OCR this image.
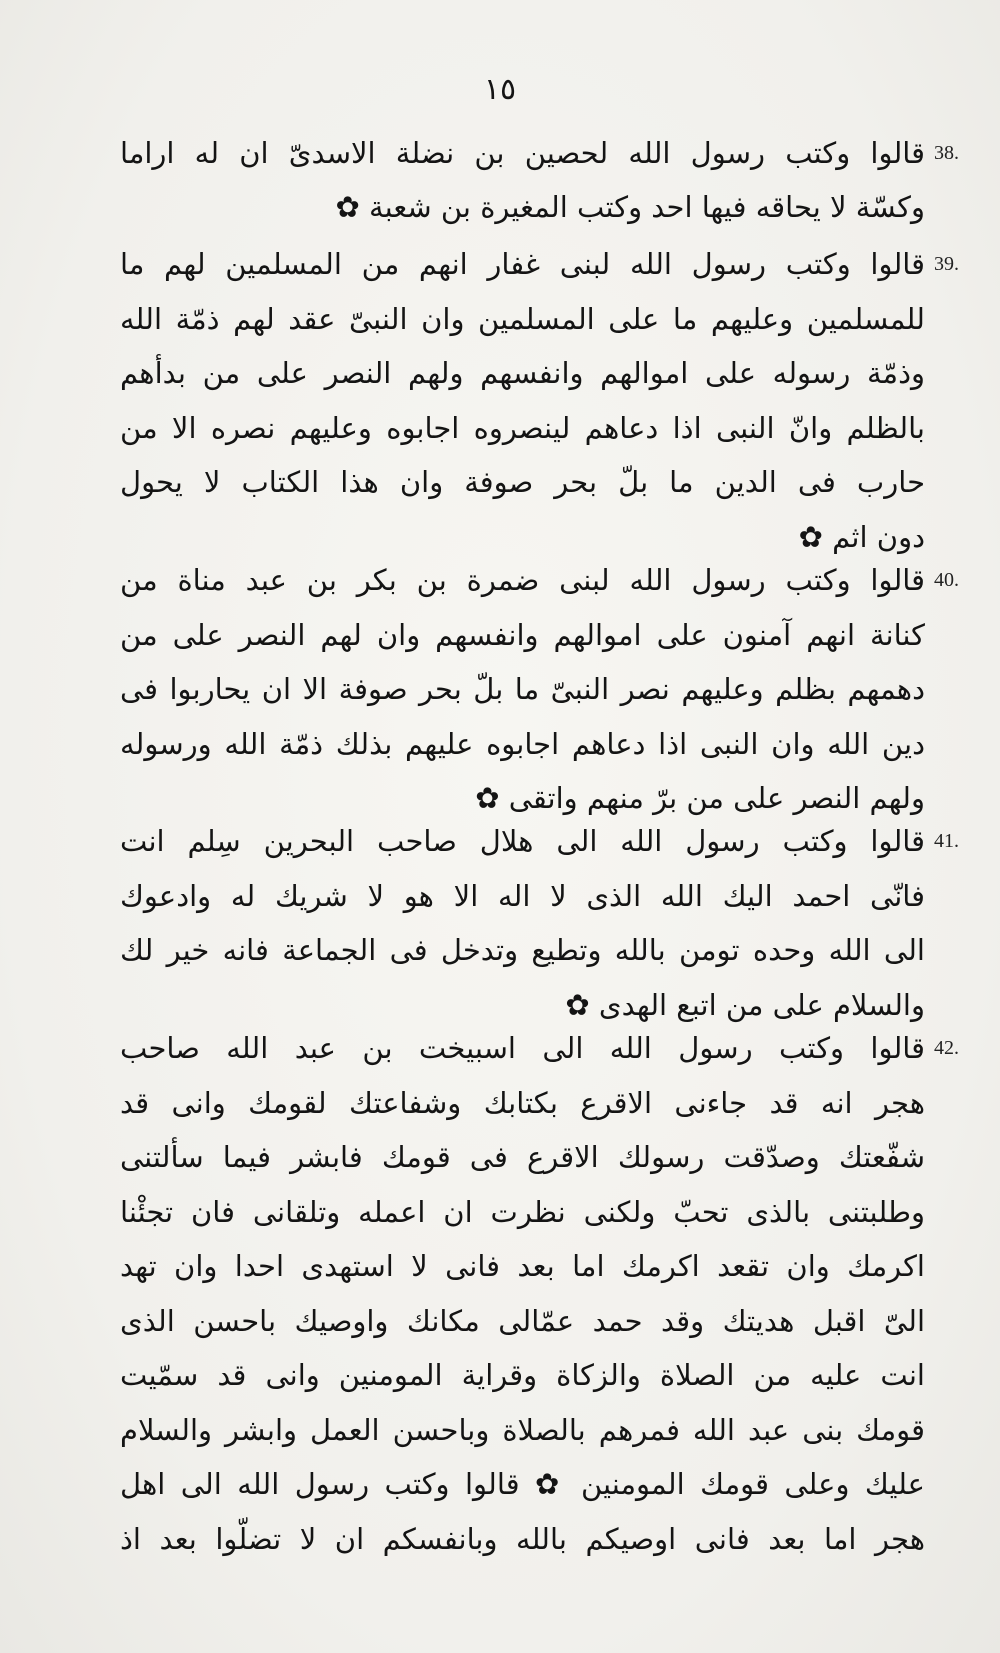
١٥
38.
قالوا وكتب رسول الله لحصين بن نضلة الاسدىّ ان له اراما
وكسّة لا يحاقه فيها احد وكتب المغيرة بن شعبة ✿
39.
قالوا وكتب رسول الله لبنى غفار انهم من المسلمين لهم ما
للمسلمين وعليهم ما على المسلمين وان النبىّ عقد لهم ذمّة الله
وذمّة رسوله على اموالهم وانفسهم ولهم النصر على من بدأهم
بالظلم وانّ النبى اذا دعاهم لينصروه اجابوه وعليهم نصره الا من
حارب فى الدين ما بلّ بحر صوفة وان هذا الكتاب لا يحول
دون اثم ✿
40.
قالوا وكتب رسول الله لبنى ضمرة بن بكر بن عبد مناة من
كنانة انهم آمنون على اموالهم وانفسهم وان لهم النصر على من
دهمهم بظلم وعليهم نصر النبىّ ما بلّ بحر صوفة الا ان يحاربوا فى
دين الله وان النبى اذا دعاهم اجابوه عليهم بذلك ذمّة الله ورسوله
ولهم النصر على من برّ منهم واتقى ✿
41.
قالوا وكتب رسول الله الى هلال صاحب البحرين سِلم انت
فانّى احمد اليك الله الذى لا اله الا هو لا شريك له وادعوك
الى الله وحده تومن بالله وتطيع وتدخل فى الجماعة فانه خير لك
والسلام على من اتبع الهدى ✿
42.
قالوا وكتب رسول الله الى اسبيخت بن عبد الله صاحب
هجر انه قد جاءنى الاقرع بكتابك وشفاعتك لقومك وانى قد
شفّعتك وصدّقت رسولك الاقرع فى قومك فابشر فيما سألتنى
وطلبتنى بالذى تحبّ ولكنى نظرت ان اعمله وتلقانى فان تجئْنا
اكرمك وان تقعد اكرمك اما بعد فانى لا استهدى احدا وان تهد
الىّ اقبل هديتك وقد حمد عمّالى مكانك واوصيك باحسن الذى
انت عليه من الصلاة والزكاة وقراية المومنين وانى قد سمّيت
قومك بنى عبد الله فمرهم بالصلاة وباحسن العمل وابشر والسلام
عليك وعلى قومك المومنين ✿ قالوا وكتب رسول الله الى اهل
هجر اما بعد فانى اوصيكم بالله وبانفسكم ان لا تضلّوا بعد اذ
